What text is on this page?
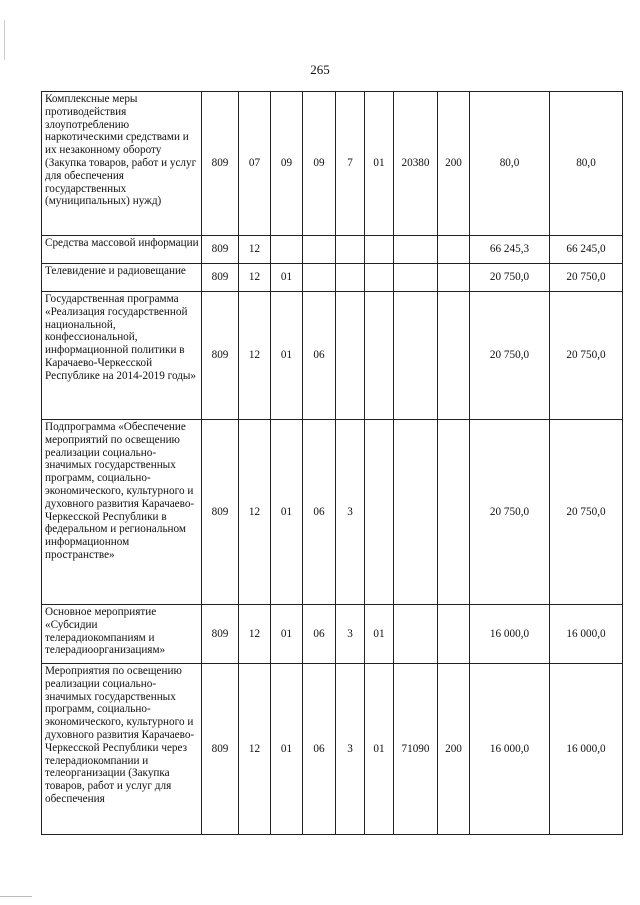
265
Комплексные меры противодействия злоупотреблению наркотическими средствами и их незаконному обороту (Закупка товаров, работ и услуг для обеспечения государственных (муниципальных) нужд)	809	07	09	09	7	01	20380	200	80,0	80,0
Средства массовой информации	809	12							66 245,3	66 245,0
Телевидение и радиовещание	809	12	01						20 750,0	20 750,0
Государственная программа «Реализация государственной национальной, конфессиональной, информационной политики в Карачаево-Черкесской Республике на 2014-2019 годы»	809	12	01	06					20 750,0	20 750,0
Подпрограмма «Обеспечение мероприятий по освещению реализации социально-значимых государственных программ, социально-экономического, культурного и духовного развития Карачаево-Черкесской Республики в федеральном и региональном информационном пространстве»	809	12	01	06	3				20 750,0	20 750,0
Основное мероприятие «Субсидии телерадиокомпаниям и телерадиоорганизациям»	809	12	01	06	3	01			16 000,0	16 000,0
Мероприятия по освещению реализации социально-значимых государственных программ, социально-экономического, культурного и духовного развития Карачаево-Черкесской Республики через телерадиокомпании и телеорганизации (Закупка товаров, работ и услуг для обеспечения	809	12	01	06	3	01	71090	200	16 000,0	16 000,0
